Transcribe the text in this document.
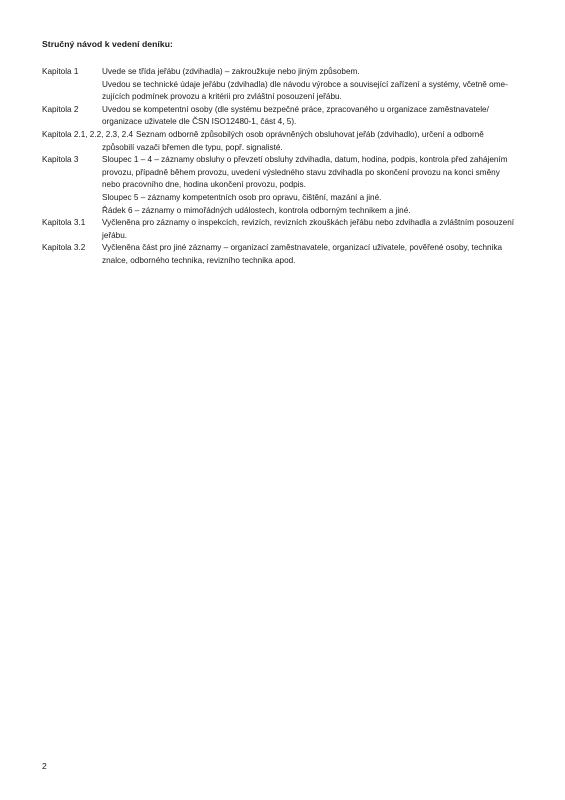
Stručný návod k vedení deníku:
Kapitola 1	Uvede se třída jeřábu (zdvihadla) – zakroužkuje nebo jiným způsobem.
Uvedou se technické údaje jeřábu (zdvihadla) dle návodu výrobce a související zařízení a systémy, včetně ome-
zujících podmínek provozu a kritérii pro zvláštní posouzení jeřábu.
Kapitola 2	Uvedou se kompetentní osoby (dle systému bezpečné práce, zpracovaného u organizace zaměstnavatele/
organizace uživatele dle ČSN ISO12480-1, část 4, 5).
Kapitola 2.1, 2.2, 2.3, 2.4 Seznam odborně způsobilých osob oprávněných obsluhovat jeřáb (zdvihadlo), určení a odborně
způsobilí vazači břemen dle typu, popř. signalisté.
Kapitola 3	Sloupec 1 – 4 – záznamy obsluhy o převzetí obsluhy zdvihadla, datum, hodina, podpis, kontrola před zahájením
provozu, případně během provozu, uvedení výsledného stavu zdvihadla po skončení provozu na konci směny
nebo pracovního dne, hodina ukončení provozu, podpis.
Sloupec 5 – záznamy kompetentních osob pro opravu, čištění, mazání a jiné.
Řádek 6 – záznamy o mimořádných událostech, kontrola odborným technikem a jiné.
Kapitola 3.1	Vyčleněna pro záznamy o inspekcích, revizích, revizních zkouškách jeřábu nebo zdvihadla a zvláštním posouzení
jeřábu.
Kapitola 3.2	Vyčleněna část pro jiné záznamy – organizací zaměstnavatele, organizací uživatele, pověřené osoby, technika
znalce, odborného technika, revizního technika apod.
2
